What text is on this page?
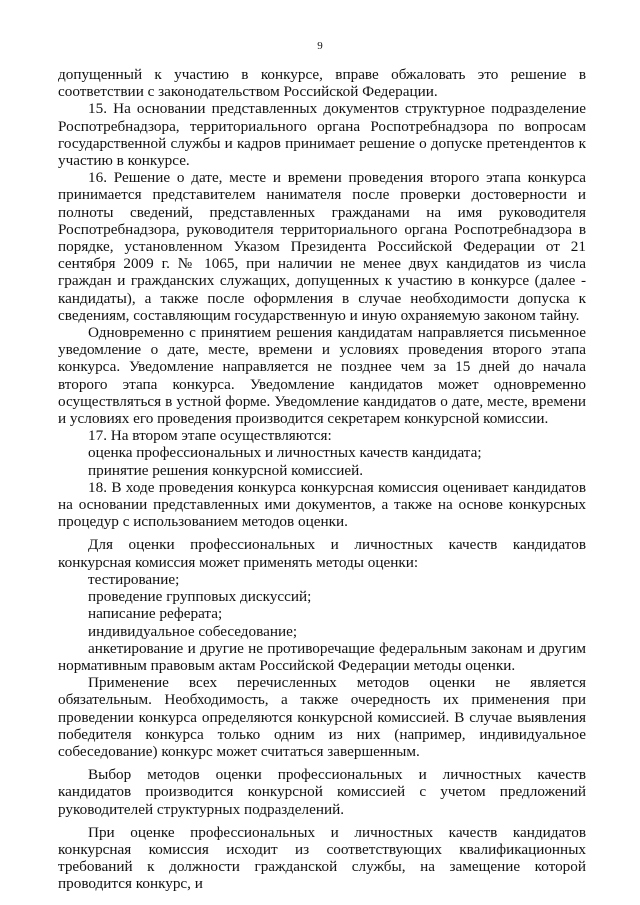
9

допущенный к участию в конкурсе, вправе обжаловать это решение в соответствии с законодательством Российской Федерации.

15. На основании представленных документов структурное подразделение Роспотребнадзора, территориального органа Роспотребнадзора по вопросам государственной службы и кадров принимает решение о допуске претендентов к участию в конкурсе.

16. Решение о дате, месте и времени проведения второго этапа конкурса принимается представителем нанимателя после проверки достоверности и полноты сведений, представленных гражданами на имя руководителя Роспотребнадзора, руководителя территориального органа Роспотребнадзора в порядке, установленном Указом Президента Российской Федерации от 21 сентября 2009 г. № 1065, при наличии не менее двух кандидатов из числа граждан и гражданских служащих, допущенных к участию в конкурсе (далее - кандидаты), а также после оформления в случае необходимости допуска к сведениям, составляющим государственную и иную охраняемую законом тайну.

Одновременно с принятием решения кандидатам направляется письменное уведомление о дате, месте, времени и условиях проведения второго этапа конкурса. Уведомление направляется не позднее чем за 15 дней до начала второго этапа конкурса. Уведомление кандидатов может одновременно осуществляться в устной форме. Уведомление кандидатов о дате, месте, времени и условиях его проведения производится секретарем конкурсной комиссии.

17. На втором этапе осуществляются:

оценка профессиональных и личностных качеств кандидата;

принятие решения конкурсной комиссией.

18. В ходе проведения конкурса конкурсная комиссия оценивает кандидатов на основании представленных ими документов, а также на основе конкурсных процедур с использованием методов оценки.

Для оценки профессиональных и личностных качеств кандидатов конкурсная комиссия может применять методы оценки:

тестирование;

проведение групповых дискуссий;

написание реферата;

индивидуальное собеседование;

анкетирование и другие не противоречащие федеральным законам и другим нормативным правовым актам Российской Федерации методы оценки.

Применение всех перечисленных методов оценки не является обязательным. Необходимость, а также очередность их применения при проведении конкурса определяются конкурсной комиссией. В случае выявления победителя конкурса только одним из них (например, индивидуальное собеседование) конкурс может считаться завершенным.

Выбор методов оценки профессиональных и личностных качеств кандидатов производится конкурсной комиссией с учетом предложений руководителей структурных подразделений.

При оценке профессиональных и личностных качеств кандидатов конкурсная комиссия исходит из соответствующих квалификационных требований к должности гражданской службы, на замещение которой проводится конкурс, и
